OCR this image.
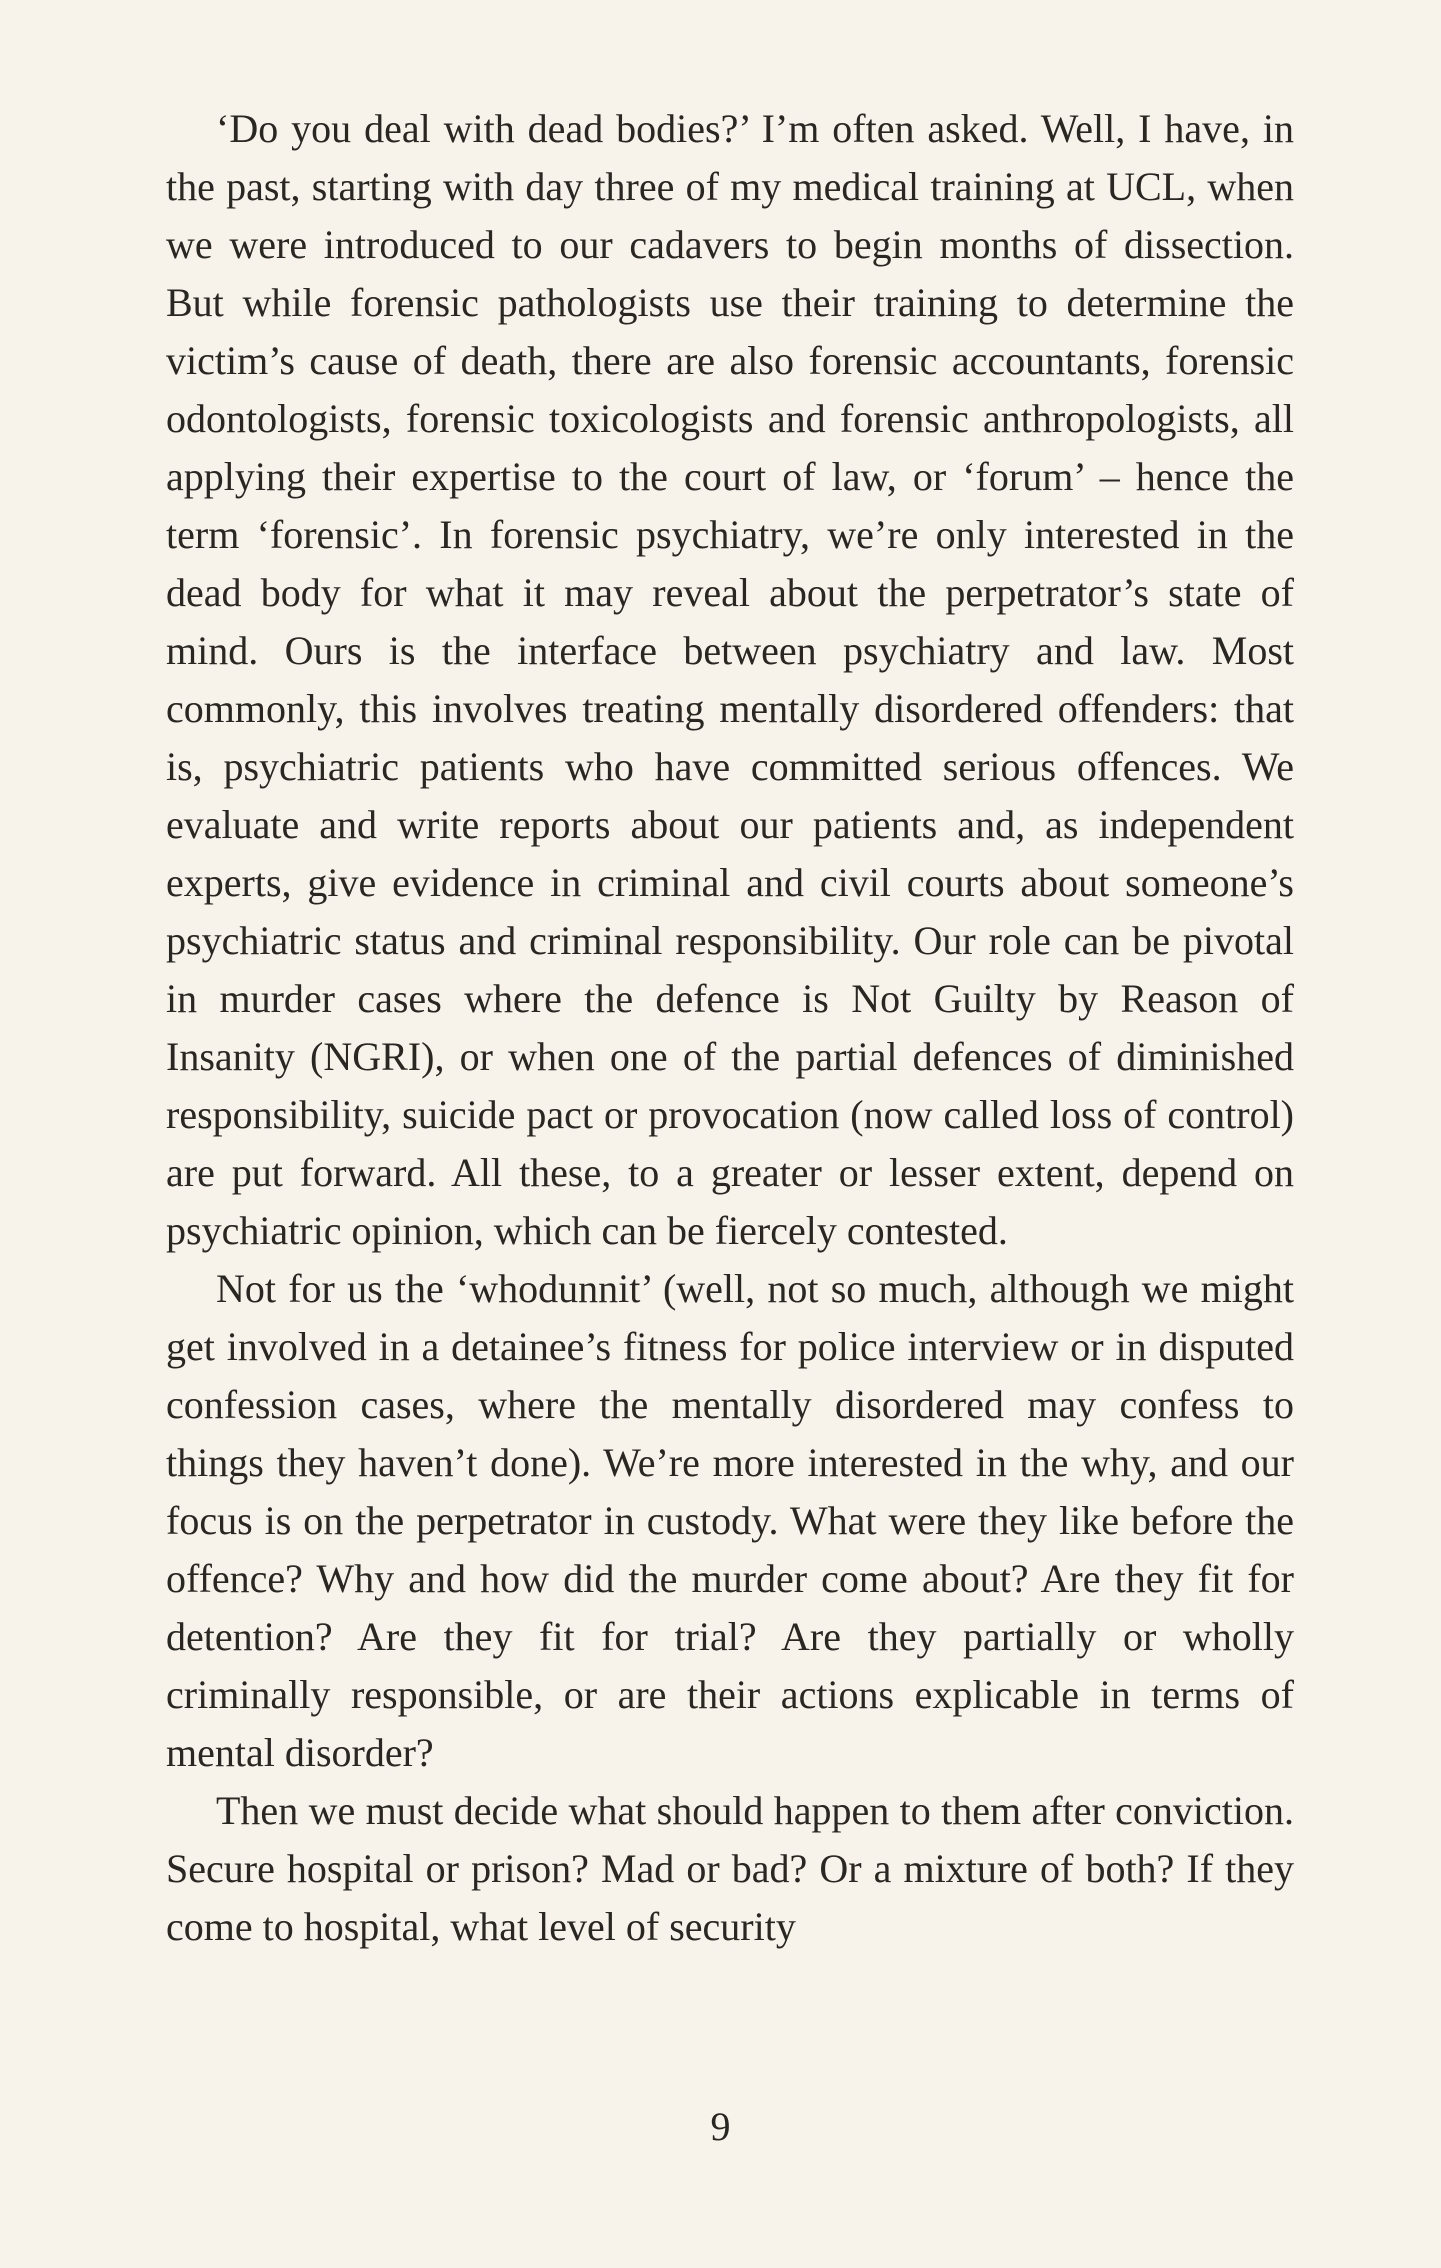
‘Do you deal with dead bodies?’ I’m often asked. Well, I have, in the past, starting with day three of my medical training at UCL, when we were introduced to our cadavers to begin months of dissection. But while forensic pathologists use their training to determine the victim’s cause of death, there are also forensic accountants, forensic odontologists, forensic toxicologists and forensic anthropologists, all applying their expertise to the court of law, or ‘forum’ – hence the term ‘forensic’. In forensic psychiatry, we’re only interested in the dead body for what it may reveal about the perpetrator’s state of mind. Ours is the interface between psychiatry and law. Most commonly, this involves treating mentally disordered offenders: that is, psychiatric patients who have committed serious offences. We evaluate and write reports about our patients and, as independent experts, give evidence in criminal and civil courts about someone’s psychiatric status and criminal responsibility. Our role can be pivotal in murder cases where the defence is Not Guilty by Reason of Insanity (NGRI), or when one of the partial defences of diminished responsibility, suicide pact or provocation (now called loss of control) are put forward. All these, to a greater or lesser extent, depend on psychiatric opinion, which can be fiercely contested.

Not for us the ‘whodunnit’ (well, not so much, although we might get involved in a detainee’s fitness for police interview or in disputed confession cases, where the mentally disordered may confess to things they haven’t done). We’re more interested in the why, and our focus is on the perpetrator in custody. What were they like before the offence? Why and how did the murder come about? Are they fit for detention? Are they fit for trial? Are they partially or wholly criminally responsible, or are their actions explicable in terms of mental disorder?

Then we must decide what should happen to them after conviction. Secure hospital or prison? Mad or bad? Or a mixture of both? If they come to hospital, what level of security

9
